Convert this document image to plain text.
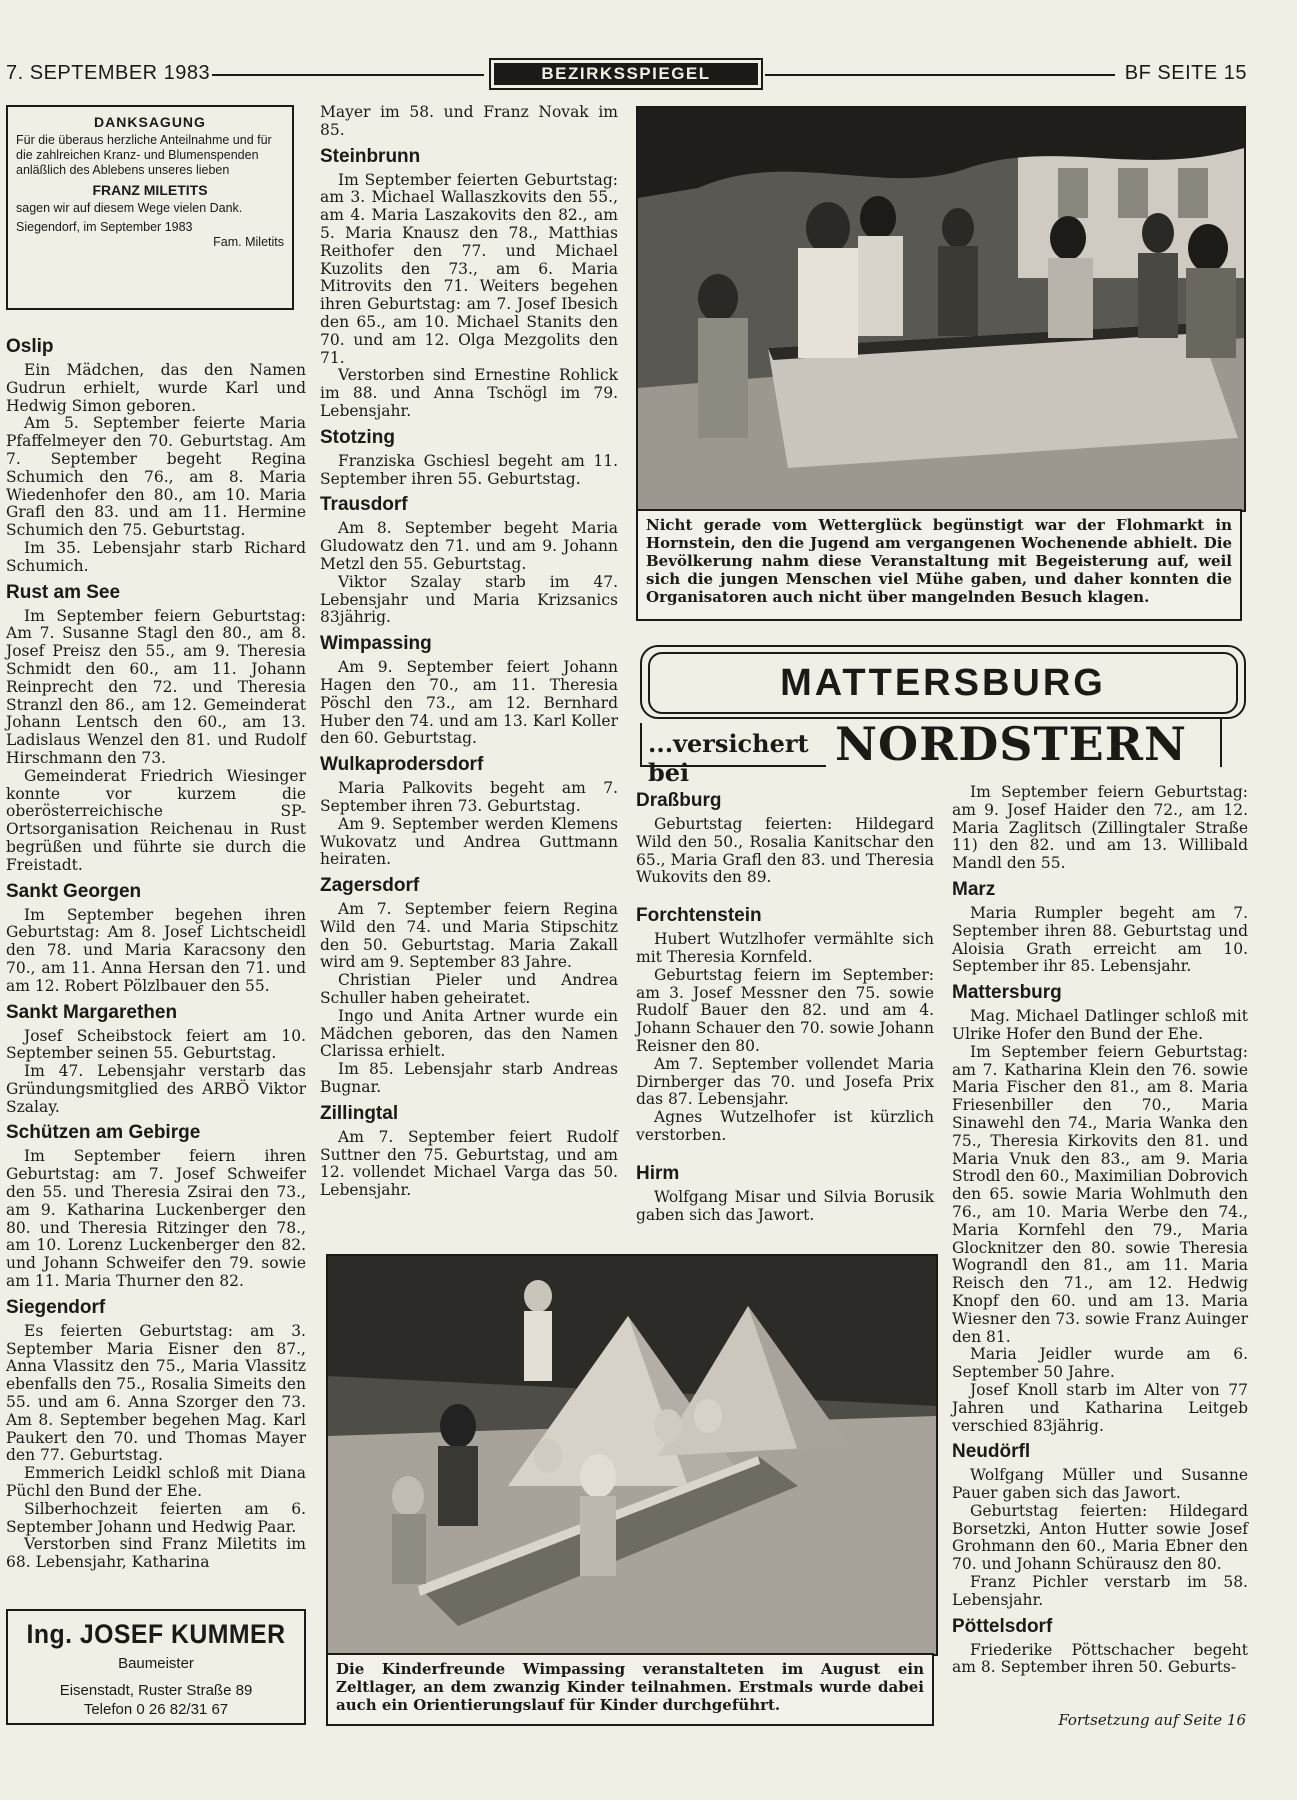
7. SEPTEMBER 1983	BEZIRKSSPIEGEL	BF SEITE 15
DANKSAGUNG
Für die überaus herzliche Anteilnahme und für die zahlreichen Kranz- und Blumenspenden anläßlich des Ablebens unseres lieben
FRANZ MILETITS
sagen wir auf diesem Wege vielen Dank.
Siegendorf, im September 1983
Fam. Miletits
Oslip

Ein Mädchen, das den Namen Gudrun erhielt, wurde Karl und Hedwig Simon geboren.

Am 5. September feierte Maria Pfaffelmeyer den 70. Geburtstag. Am 7. September begeht Regina Schumich den 76., am 8. Maria Wiedenhofer den 80., am 10. Maria Grafl den 83. und am 11. Hermine Schumich den 75. Geburtstag.

Im 35. Lebensjahr starb Richard Schumich.

Rust am See

Im September feiern Geburtstag: Am 7. Susanne Stagl den 80., am 8. Josef Preisz den 55., am 9. Theresia Schmidt den 60., am 11. Johann Reinprecht den 72. und Theresia Stranzl den 86., am 12. Gemeinderat Johann Lentsch den 60., am 13. Ladislaus Wenzel den 81. und Rudolf Hirschmann den 73.

Gemeinderat Friedrich Wiesinger konnte vor kurzem die oberösterreichische SP-Ortsorganisation Reichenau in Rust begrüßen und führte sie durch die Freistadt.

Sankt Georgen

Im September begehen ihren Geburtstag: Am 8. Josef Lichtscheidl den 78. und Maria Karacsony den 70., am 11. Anna Hersan den 71. und am 12. Robert Pölzlbauer den 55.

Sankt Margarethen

Josef Scheibstock feiert am 10. September seinen 55. Geburtstag.

Im 47. Lebensjahr verstarb das Gründungsmitglied des ARBÖ Viktor Szalay.

Schützen am Gebirge

Im September feiern ihren Geburtstag: am 7. Josef Schweifer den 55. und Theresia Zsirai den 73., am 9. Katharina Luckenberger den 80. und Theresia Ritzinger den 78., am 10. Lorenz Luckenberger den 82. und Johann Schweifer den 79. sowie am 11. Maria Thurner den 82.

Siegendorf

Es feierten Geburtstag: am 3. September Maria Eisner den 87., Anna Vlassitz den 75., Maria Vlassitz ebenfalls den 75., Rosalia Simeits den 55. und am 6. Anna Szorger den 73. Am 8. September begehen Mag. Karl Paukert den 70. und Thomas Mayer den 77. Geburtstag.

Emmerich Leidkl schloß mit Diana Püchl den Bund der Ehe.

Silberhochzeit feierten am 6. September Johann und Hedwig Paar.

Verstorben sind Franz Miletits im 68. Lebensjahr, Katharina

Mayer im 58. und Franz Novak im 85.

Steinbrunn

Im September feierten Geburtstag: am 3. Michael Wallaszkovits den 55., am 4. Maria Laszakovits den 82., am 5. Maria Knausz den 78., Matthias Reithofer den 77. und Michael Kuzolits den 73., am 6. Maria Mitrovits den 71. Weiters begehen ihren Geburtstag: am 7. Josef Ibesich den 65., am 10. Michael Stanits den 70. und am 12. Olga Mezgolits den 71.

Verstorben sind Ernestine Rohlick im 88. und Anna Tschögl im 79. Lebensjahr.

Stotzing

Franziska Gschiesl begeht am 11. September ihren 55. Geburtstag.

Trausdorf

Am 8. September begeht Maria Gludowatz den 71. und am 9. Johann Metzl den 55. Geburtstag.

Viktor Szalay starb im 47. Lebensjahr und Maria Krizsanics 83jährig.

Wimpassing

Am 9. September feiert Johann Hagen den 70., am 11. Theresia Pöschl den 73., am 12. Bernhard Huber den 74. und am 13. Karl Koller den 60. Geburtstag.

Wulkaprodersdorf

Maria Palkovits begeht am 7. September ihren 73. Geburtstag.

Am 9. September werden Klemens Wukovatz und Andrea Guttmann heiraten.

Zagersdorf

Am 7. September feiern Regina Wild den 74. und Maria Stipschitz den 50. Geburtstag. Maria Zakall wird am 9. September 83 Jahre.

Christian Pieler und Andrea Schuller haben geheiratet.

Ingo und Anita Artner wurde ein Mädchen geboren, das den Namen Clarissa erhielt.

Im 85. Lebensjahr starb Andreas Bugnar.

Zillingtal

Am 7. September feiert Rudolf Suttner den 75. Geburtstag, und am 12. vollendet Michael Varga das 50. Lebensjahr.

Nicht gerade vom Wetterglück begünstigt war der Flohmarkt in Hornstein, den die Jugend am vergangenen Wochenende abhielt. Die Bevölkerung nahm diese Veranstaltung mit Begeisterung auf, weil sich die jungen Menschen viel Mühe gaben, und daher konnten die Organisatoren auch nicht über mangelnden Besuch klagen.
MATTERSBURG
...versichert bei
NORDSTERN
Draßburg

Geburtstag feierten: Hildegard Wild den 50., Rosalia Kanitschar den 65., Maria Grafl den 83. und Theresia Wukovits den 89.

Forchtenstein

Hubert Wutzlhofer vermählte sich mit Theresia Kornfeld.

Geburtstag feiern im September: am 3. Josef Messner den 75. sowie Rudolf Bauer den 82. und am 4. Johann Schauer den 70. sowie Johann Reisner den 80.

Am 7. September vollendet Maria Dirnberger das 70. und Josefa Prix das 87. Lebensjahr.

Agnes Wutzelhofer ist kürzlich verstorben.

Hirm

Wolfgang Misar und Silvia Borusik gaben sich das Jawort.

Im September feiern Geburtstag: am 9. Josef Haider den 72., am 12. Maria Zaglitsch (Zillingtaler Straße 11) den 82. und am 13. Willibald Mandl den 55.

Marz

Maria Rumpler begeht am 7. September ihren 88. Geburtstag und Aloisia Grath erreicht am 10. September ihr 85. Lebensjahr.

Mattersburg

Mag. Michael Datlinger schloß mit Ulrike Hofer den Bund der Ehe.

Im September feiern Geburtstag: am 7. Katharina Klein den 76. sowie Maria Fischer den 81., am 8. Maria Friesenbiller den 70., Maria Sinawehl den 74., Maria Wanka den 75., Theresia Kirkovits den 81. und Maria Vnuk den 83., am 9. Maria Strodl den 60., Maximilian Dobrovich den 65. sowie Maria Wohlmuth den 76., am 10. Maria Werbe den 74., Maria Kornfehl den 79., Maria Glocknitzer den 80. sowie Theresia Wograndl den 81., am 11. Maria Reisch den 71., am 12. Hedwig Knopf den 60. und am 13. Maria Wiesner den 73. sowie Franz Auinger den 81.

Maria Jeidler wurde am 6. September 50 Jahre.

Josef Knoll starb im Alter von 77 Jahren und Katharina Leitgeb verschied 83jährig.

Neudörfl

Wolfgang Müller und Susanne Pauer gaben sich das Jawort.

Geburtstag feierten: Hildegard Borsetzki, Anton Hutter sowie Josef Grohmann den 60., Maria Ebner den 70. und Johann Schürausz den 80.

Franz Pichler verstarb im 58. Lebensjahr.

Pöttelsdorf

Friederike Pöttschacher begeht am 8. September ihren 50. Geburts-

Fortsetzung auf Seite 16
Die Kinderfreunde Wimpassing veranstalteten im August ein Zeltlager, an dem zwanzig Kinder teilnahmen. Erstmals wurde dabei auch ein Orientierungslauf für Kinder durchgeführt.
Ing. JOSEF KUMMER
Baumeister
Eisenstadt, Ruster Straße 89
Telefon 0 26 82/31 67
